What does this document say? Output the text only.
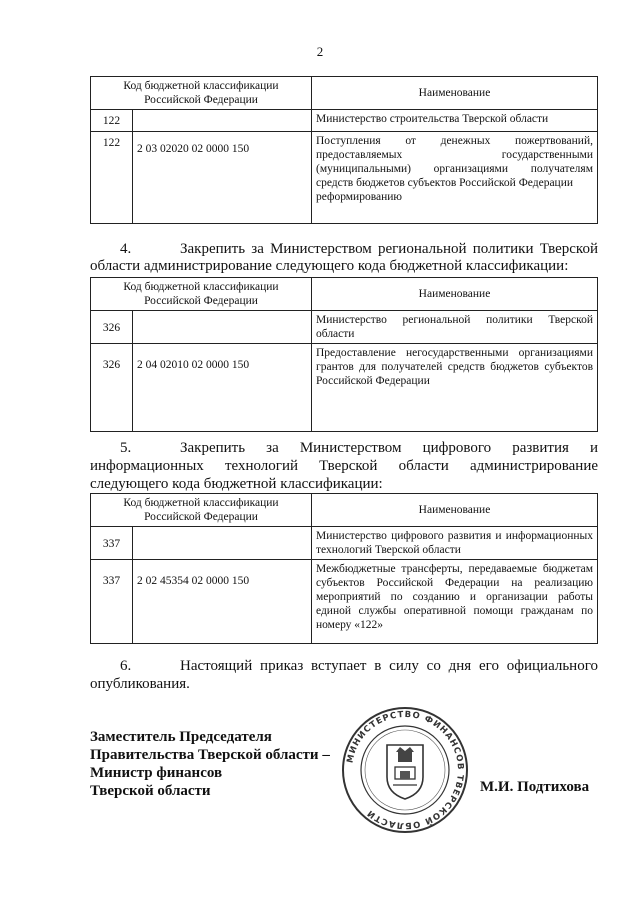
2
Код бюджетной классификации Российской Федерации		Наименование
122		Министерство строительства Тверской области
122	2 03 02020 02 0000 150	Поступления от денежных пожертвований, предоставляемых государственными (муниципальными) организациями получателям средств бюджетов субъектов Российской Федерации
реформированию
4.	Закрепить за Министерством региональной политики Тверской
области администрирование следующего кода бюджетной классификации:
Код бюджетной классификации Российской Федерации		Наименование
326		Министерство региональной политики Тверской области
326	2 04 02010 02 0000 150	Предоставление негосударственными организациями грантов для получателей средств бюджетов субъектов Российской Федерации
5.	Закрепить за Министерством цифрового развития и
информационных технологий Тверской области администрирование
следующего кода бюджетной классификации:
Код бюджетной классификации Российской Федерации		Наименование
337		Министерство цифрового развития и информационных технологий Тверской области
337	2 02 45354 02 0000 150	Межбюджетные трансферты, передаваемые бюджетам субъектов Российской Федерации на реализацию мероприятий по созданию и организации работы единой службы оперативной помощи гражданам по номеру «122»
6.	Настоящий приказ вступает в силу со дня его официального
опубликования.
Заместитель Председателя
Правительства Тверской области –
Министр финансов
Тверской области
МИНИСТЕРСТВО ФИНАНСОВ ТВЕРСКОЙ ОБЛАСТИ
М.И. Подтихова
